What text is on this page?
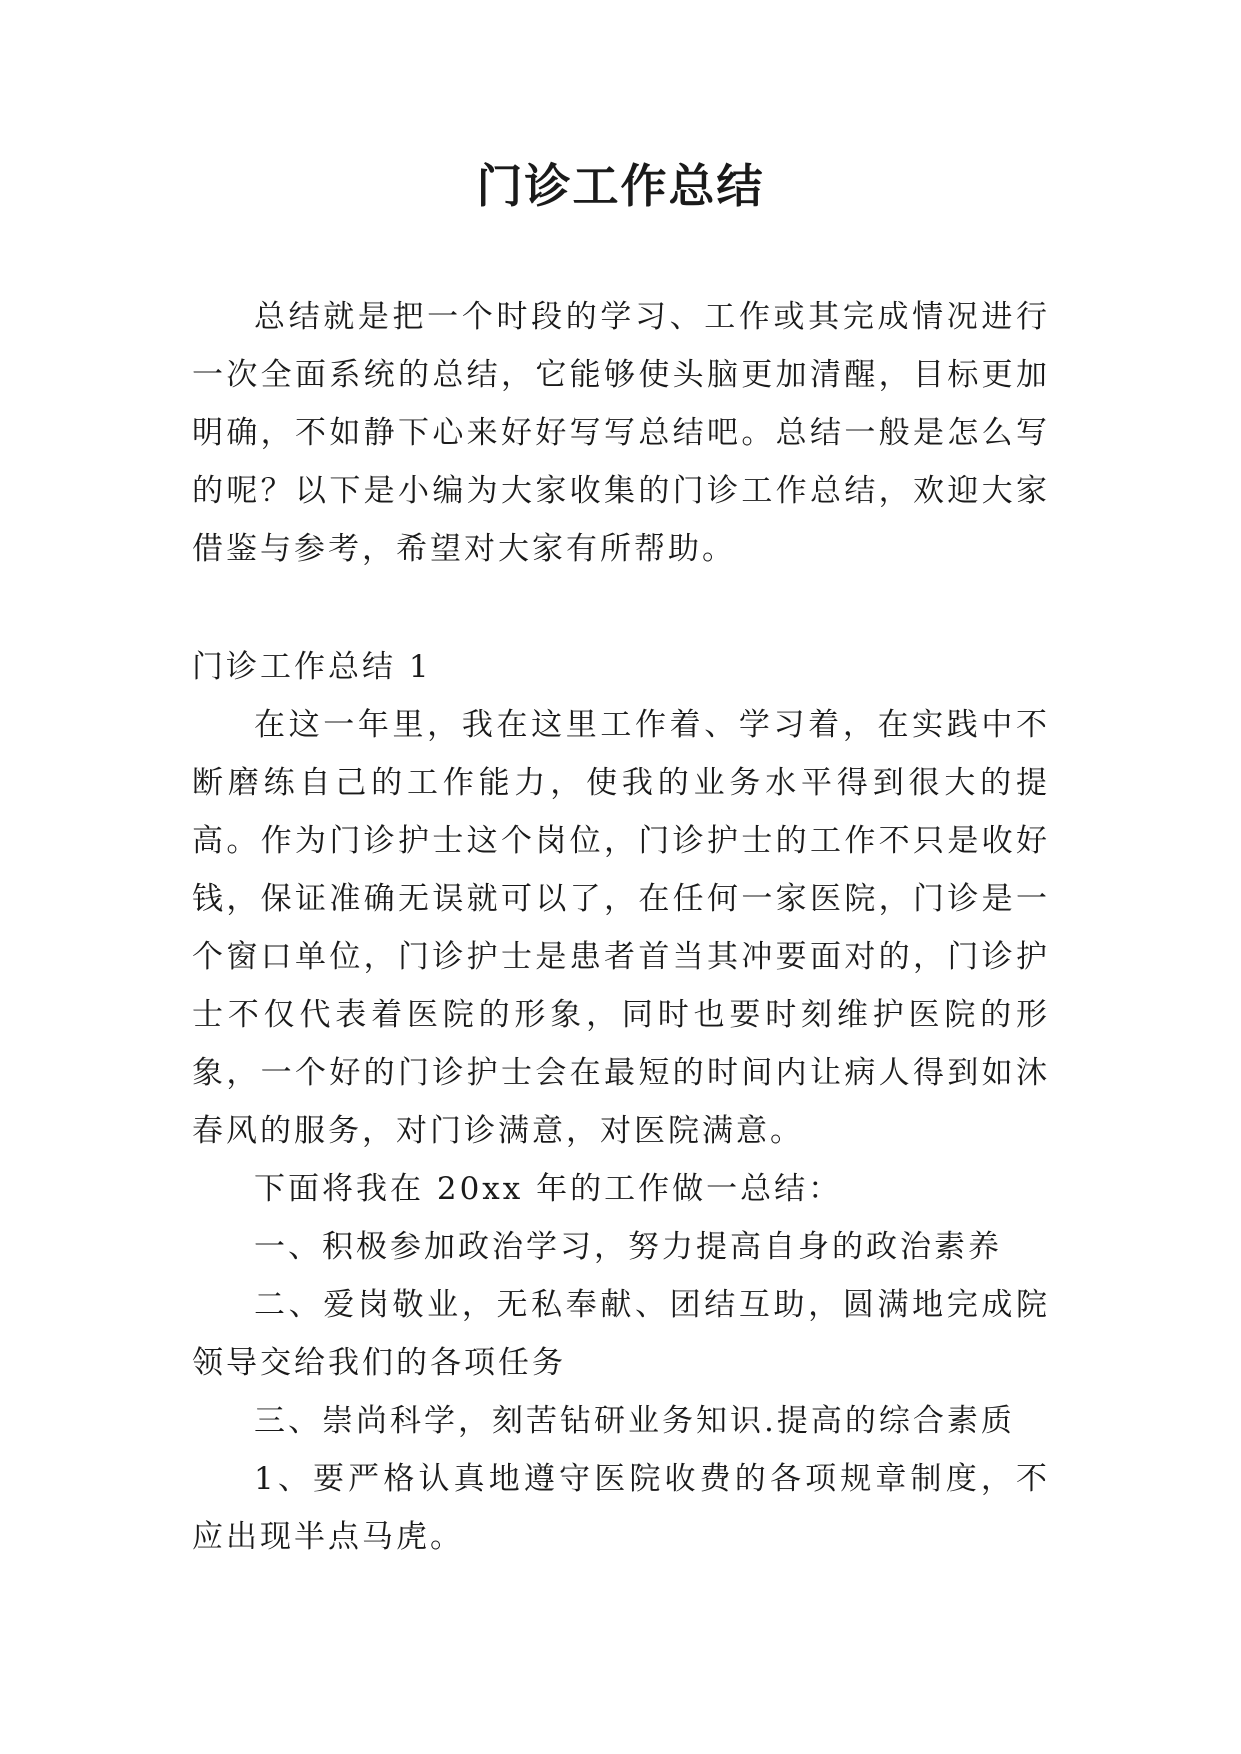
门诊工作总结

总结就是把一个时段的学习、工作或其完成情况进行一次全面系统的总结，它能够使头脑更加清醒，目标更加明确，不如静下心来好好写写总结吧。总结一般是怎么写的呢？以下是小编为大家收集的门诊工作总结，欢迎大家借鉴与参考，希望对大家有所帮助。

门诊工作总结 1

在这一年里，我在这里工作着、学习着，在实践中不断磨练自己的工作能力，使我的业务水平得到很大的提高。作为门诊护士这个岗位，门诊护士的工作不只是收好钱，保证准确无误就可以了，在任何一家医院，门诊是一个窗口单位，门诊护士是患者首当其冲要面对的，门诊护士不仅代表着医院的形象，同时也要时刻维护医院的形象，一个好的门诊护士会在最短的时间内让病人得到如沐春风的服务，对门诊满意，对医院满意。

下面将我在 20xx 年的工作做一总结：

一、积极参加政治学习，努力提高自身的政治素养

二、爱岗敬业，无私奉献、团结互助，圆满地完成院领导交给我们的各项任务

三、崇尚科学，刻苦钻研业务知识.提高的综合素质

1、要严格认真地遵守医院收费的各项规章制度，不应出现半点马虎。
